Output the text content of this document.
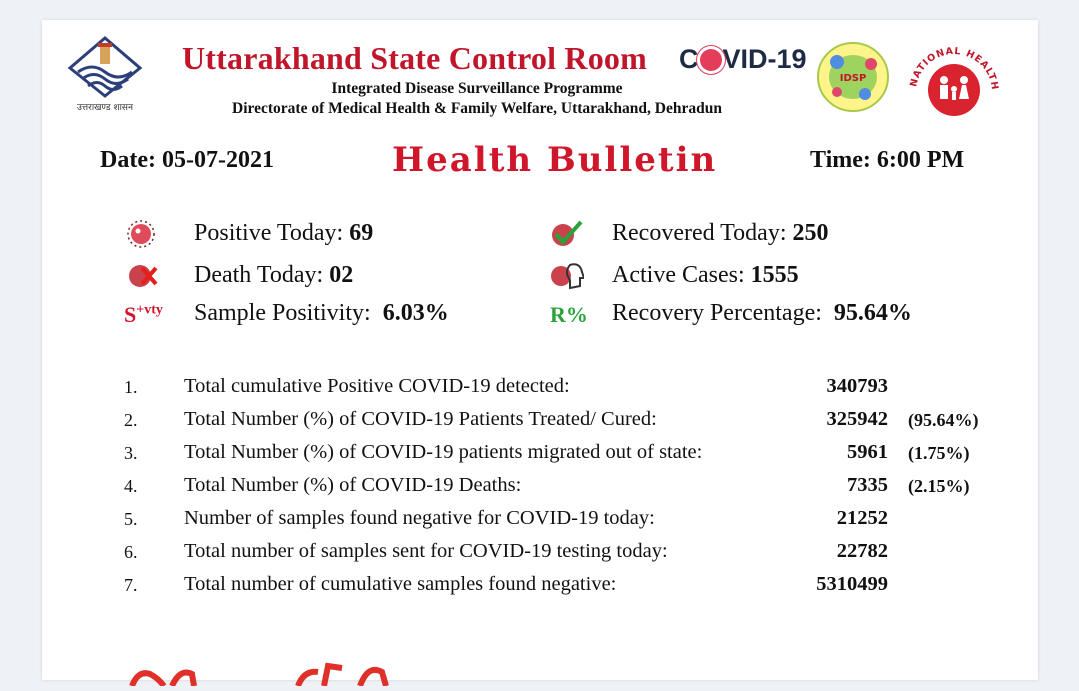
उत्तराखण्ड शासन
Uttarakhand State Control Room C VID-19
Integrated Disease Surveillance Programme
Directorate of Medical Health & Family Welfare, Uttarakhand, Dehradun
IDSP	NATIONAL HEALTH
Date: 05-07-2021	Health Bulletin	Time: 6:00 PM
Positive Today: 69	Recovered Today: 250
Death Today: 02	Active Cases: 1555
$S^{+vty}$ Sample Positivity: 6.03%	R% Recovery Percentage: 95.64%
1. Total cumulative Positive COVID-19 detected:	340793
2. Total Number (%) of COVID-19 Patients Treated/ Cured:	325942 (95.64%)
3. Total Number (%) of COVID-19 patients migrated out of state:	5961 (1.75%)
4. Total Number (%) of COVID-19 Deaths:	7335 (2.15%)
5. Number of samples found negative for COVID-19 today:	21252
6. Total number of samples sent for COVID-19 testing today:	22782
7. Total number of cumulative samples found negative:	5310499
